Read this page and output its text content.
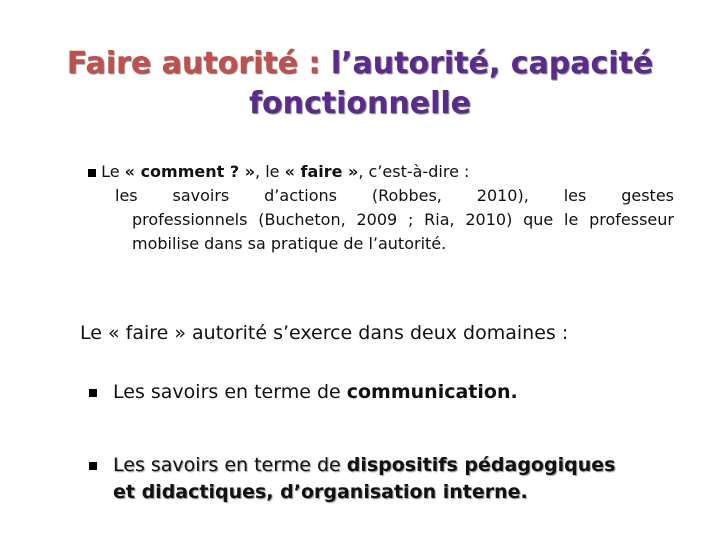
Faire autorité : l’autorité, capacité
fonctionnelle
Le « comment ? », le « faire », c’est-à-dire :
les savoirs d’actions (Robbes, 2010), les gestes
professionnels (Bucheton, 2009 ; Ria, 2010) que le professeur mobilise dans sa pratique de l’autorité.
Le « faire » autorité s’exerce dans deux domaines :
Les savoirs en terme de communication.
Les savoirs en terme de dispositifs pédagogiques
et didactiques, d’organisation interne.
